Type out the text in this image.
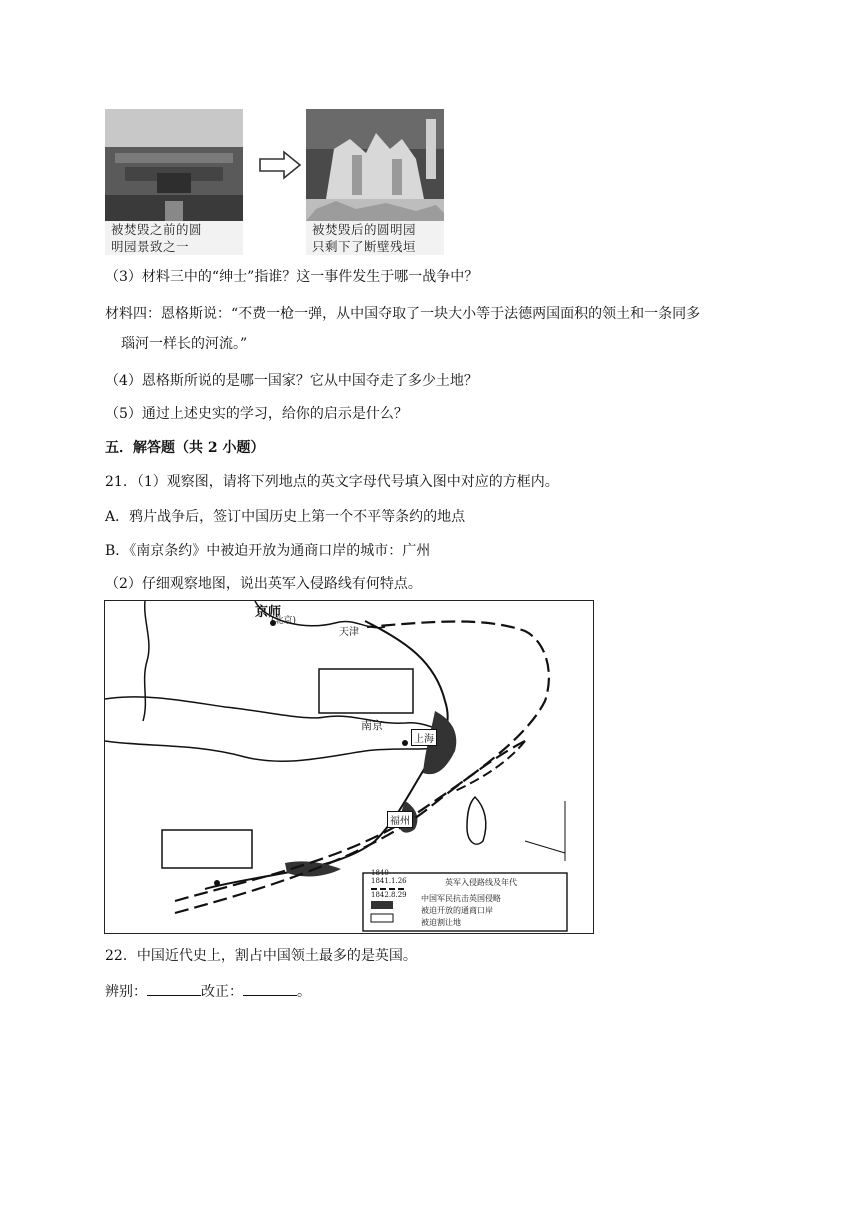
被焚毁之前的圆
明园景致之一
被焚毁后的圆明园
只剩下了断壁残垣
（3）材料三中的“绅士”指谁？这一事件发生于哪一战争中？
材料四：恩格斯说：“不费一枪一弹，从中国夺取了一块大小等于法德两国面积的领土和一条同多
瑙河一样长的河流。”
（4）恩格斯所说的是哪一国家？它从中国夺走了多少土地？
（5）通过上述史实的学习，给你的启示是什么？
五．解答题（共 2 小题）
21．（1）观察图，请将下列地点的英文字母代号填入图中对应的方框内。
A．鸦片战争后，签订中国历史上第一个不平等条约的地点
B．《南京条约》中被迫开放为通商口岸的城市：广州
（2）仔细观察地图，说出英军入侵路线有何特点。
京师
(北京)
天津
南京
上海
福州
1840
1841.1.26
1842.8.29
英军入侵路线及年代
中国军民抗击英国侵略
被迫开放的通商口岸
被迫割让地
22．中国近代史上，割占中国领土最多的是英国。
辨别：	改正：	。
